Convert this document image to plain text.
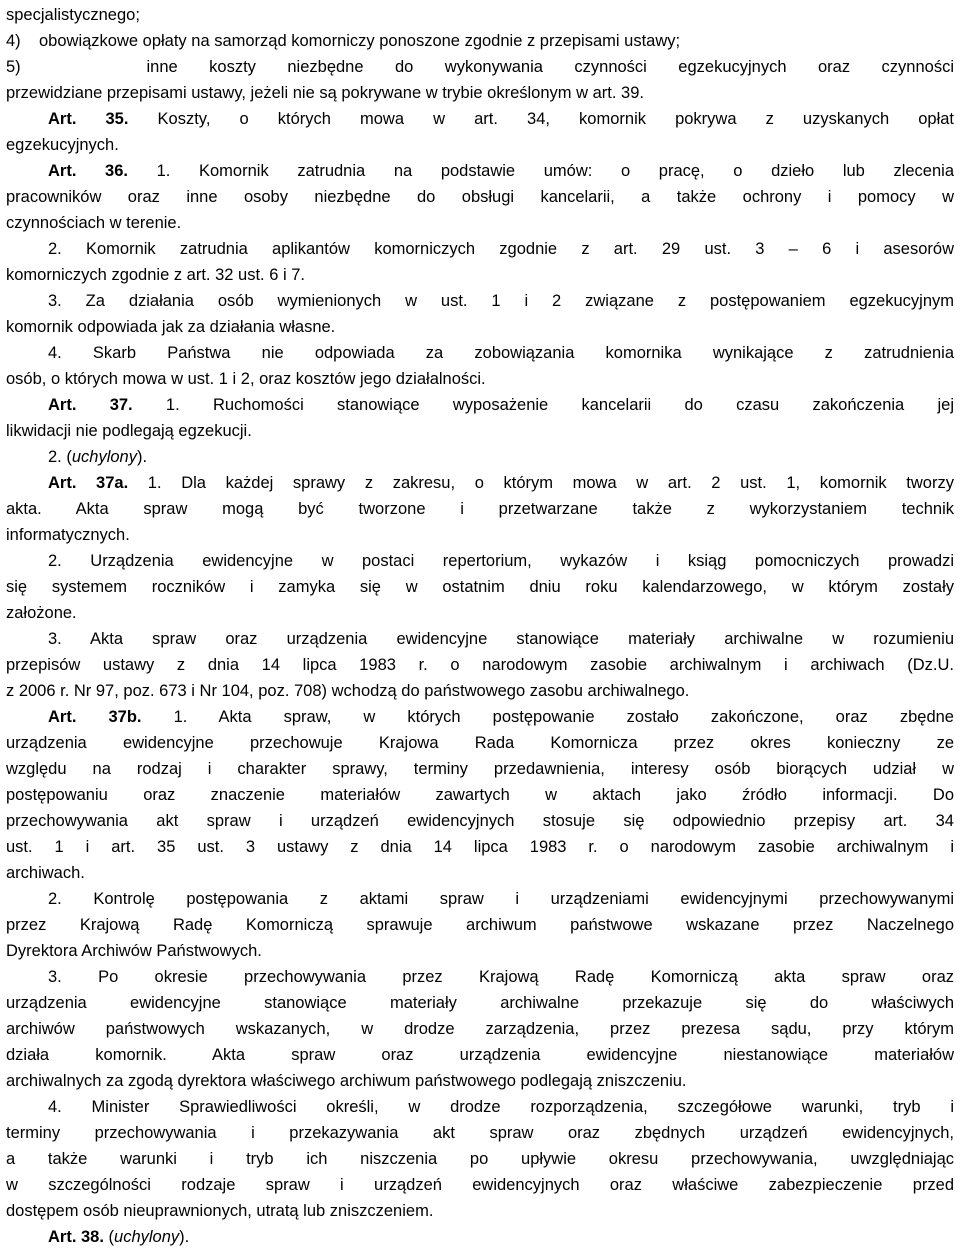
specjalistycznego;
4)    obowiązkowe opłaty na samorząd komorniczy ponoszone zgodnie z przepisami ustawy;
5)    inne koszty niezbędne do wykonywania czynności egzekucyjnych oraz czynności
przewidziane przepisami ustawy, jeżeli nie są pokrywane w trybie określonym w art. 39.
Art. 35. Koszty, o których mowa w art. 34, komornik pokrywa z uzyskanych opłat
egzekucyjnych.
Art. 36. 1. Komornik zatrudnia na podstawie umów: o pracę, o dzieło lub zlecenia
pracowników oraz inne osoby niezbędne do obsługi kancelarii, a także ochrony i pomocy w
czynnościach w terenie.
2. Komornik zatrudnia aplikantów komorniczych zgodnie z art. 29 ust. 3 – 6 i asesorów
komorniczych zgodnie z art. 32 ust. 6 i 7.
3. Za działania osób wymienionych w ust. 1 i 2 związane z postępowaniem egzekucyjnym
komornik odpowiada jak za działania własne.
4. Skarb Państwa nie odpowiada za zobowiązania komornika wynikające z zatrudnienia
osób, o których mowa w ust. 1 i 2, oraz kosztów jego działalności.
Art. 37. 1. Ruchomości stanowiące wyposażenie kancelarii do czasu zakończenia jej
likwidacji nie podlegają egzekucji.
2. (uchylony).
Art. 37a. 1. Dla każdej sprawy z zakresu, o którym mowa w art. 2 ust. 1, komornik tworzy
akta. Akta spraw mogą być tworzone i przetwarzane także z wykorzystaniem technik
informatycznych.
2. Urządzenia ewidencyjne w postaci repertorium, wykazów i ksiąg pomocniczych prowadzi
się systemem roczników i zamyka się w ostatnim dniu roku kalendarzowego, w którym zostały
założone.
3. Akta spraw oraz urządzenia ewidencyjne stanowiące materiały archiwalne w rozumieniu
przepisów ustawy z dnia 14 lipca 1983 r. o narodowym zasobie archiwalnym i archiwach (Dz.U.
z 2006 r. Nr 97, poz. 673 i Nr 104, poz. 708) wchodzą do państwowego zasobu archiwalnego.
Art. 37b. 1. Akta spraw, w których postępowanie zostało zakończone, oraz zbędne
urządzenia ewidencyjne przechowuje Krajowa Rada Komornicza przez okres konieczny ze
względu na rodzaj i charakter sprawy, terminy przedawnienia, interesy osób biorących udział w
postępowaniu oraz znaczenie materiałów zawartych w aktach jako źródło informacji. Do
przechowywania akt spraw i urządzeń ewidencyjnych stosuje się odpowiednio przepisy art. 34
ust. 1 i art. 35 ust. 3 ustawy z dnia 14 lipca 1983 r. o narodowym zasobie archiwalnym i
archiwach.
2. Kontrolę postępowania z aktami spraw i urządzeniami ewidencyjnymi przechowywanymi
przez Krajową Radę Komorniczą sprawuje archiwum państwowe wskazane przez Naczelnego
Dyrektora Archiwów Państwowych.
3. Po okresie przechowywania przez Krajową Radę Komorniczą akta spraw oraz
urządzenia ewidencyjne stanowiące materiały archiwalne przekazuje się do właściwych
archiwów państwowych wskazanych, w drodze zarządzenia, przez prezesa sądu, przy którym
działa komornik. Akta spraw oraz urządzenia ewidencyjne niestanowiące materiałów
archiwalnych za zgodą dyrektora właściwego archiwum państwowego podlegają zniszczeniu.
4. Minister Sprawiedliwości określi, w drodze rozporządzenia, szczegółowe warunki, tryb i
terminy przechowywania i przekazywania akt spraw oraz zbędnych urządzeń ewidencyjnych,
a także warunki i tryb ich niszczenia po upływie okresu przechowywania, uwzględniając
w szczególności rodzaje spraw i urządzeń ewidencyjnych oraz właściwe zabezpieczenie przed
dostępem osób nieuprawnionych, utratą lub zniszczeniem.
Art. 38. (uchylony).
